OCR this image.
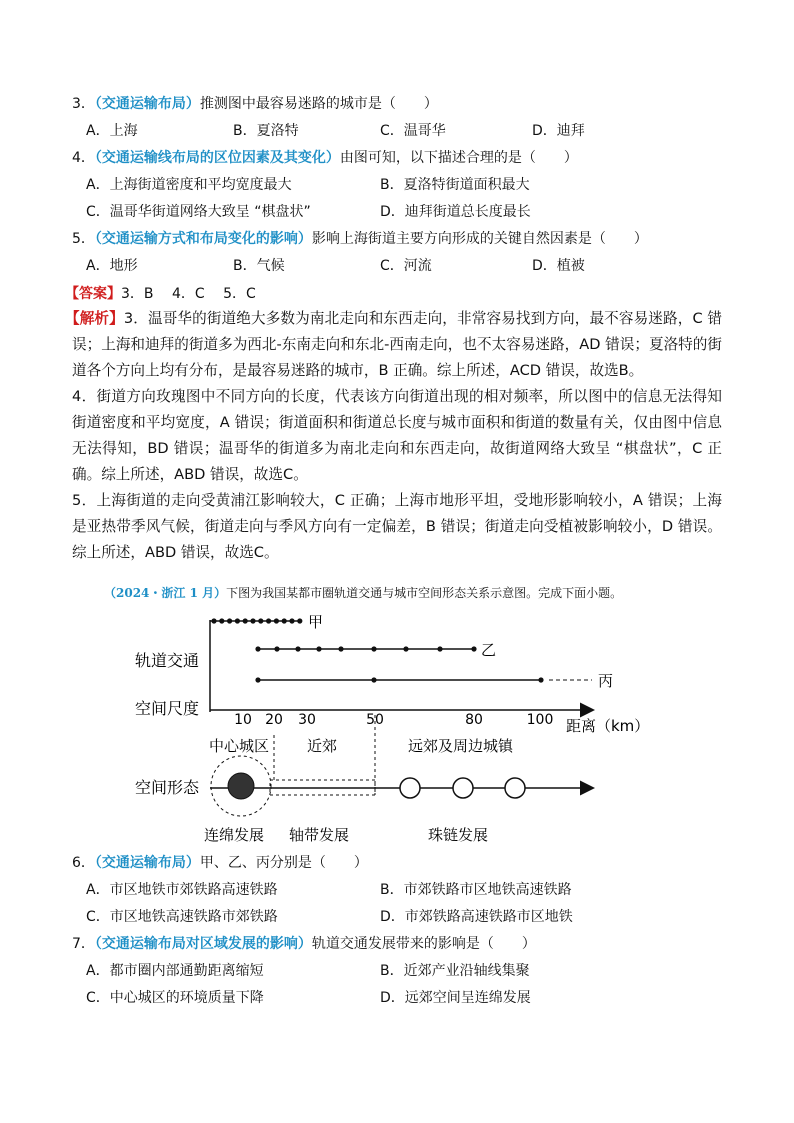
3．（交通运输布局）推测图中最容易迷路的城市是（　　）
A．上海	B．夏洛特	C．温哥华	D．迪拜
4．（交通运输线布局的区位因素及其变化）由图可知，以下描述合理的是（　　）
A．上海街道密度和平均宽度最大	B．夏洛特街道面积最大
C．温哥华街道网络大致呈 “棋盘状”	D．迪拜街道总长度最长
5．（交通运输方式和布局变化的影响）影响上海街道主要方向形成的关键自然因素是（　　）
A．地形	B．气候	C．河流	D．植被
【答案】3．B　 4．C　 5．C

【解析】3．温哥华的街道绝大多数为南北走向和东西走向，非常容易找到方向，最不容易迷路，C 错误；上海和迪拜的街道多为西北-东南走向和东北-西南走向，也不太容易迷路，AD 错误；夏洛特的街道各个方向上均有分布，是最容易迷路的城市，B 正确。综上所述，ACD 错误，故选B。

4．街道方向玫瑰图中不同方向的长度，代表该方向街道出现的相对频率，所以图中的信息无法得知街道密度和平均宽度，A 错误；街道面积和街道总长度与城市面积和街道的数量有关，仅由图中信息无法得知，BD 错误；温哥华的街道多为南北走向和东西走向，故街道网络大致呈 “棋盘状”，C 正确。综上所述，ABD 错误，故选C。

5．上海街道的走向受黄浦江影响较大，C 正确；上海市地形平坦，受地形影响较小，A 错误；上海是亚热带季风气候，街道走向与季风方向有一定偏差，B 错误；街道走向受植被影响较小，D 错误。综上所述，ABD 错误，故选C。

（2024・浙江 1 月）下图为我国某都市圈轨道交通与城市空间形态关系示意图。完成下面小题。
甲
乙
丙
轨道交通
空间尺度
空间形态
距离（km）
10 20 30	50	80	100
中心城区	近郊	远郊及周边城镇
连绵发展 轴带发展	珠链发展
6．（交通运输布局）甲、乙、丙分别是（　　）
A．市区地铁市郊铁路高速铁路	B．市郊铁路市区地铁高速铁路
C．市区地铁高速铁路市郊铁路	D．市郊铁路高速铁路市区地铁
7．（交通运输布局对区域发展的影响）轨道交通发展带来的影响是（　　）
A．都市圈内部通勤距离缩短	B．近郊产业沿轴线集聚
C．中心城区的环境质量下降	D．远郊空间呈连绵发展
